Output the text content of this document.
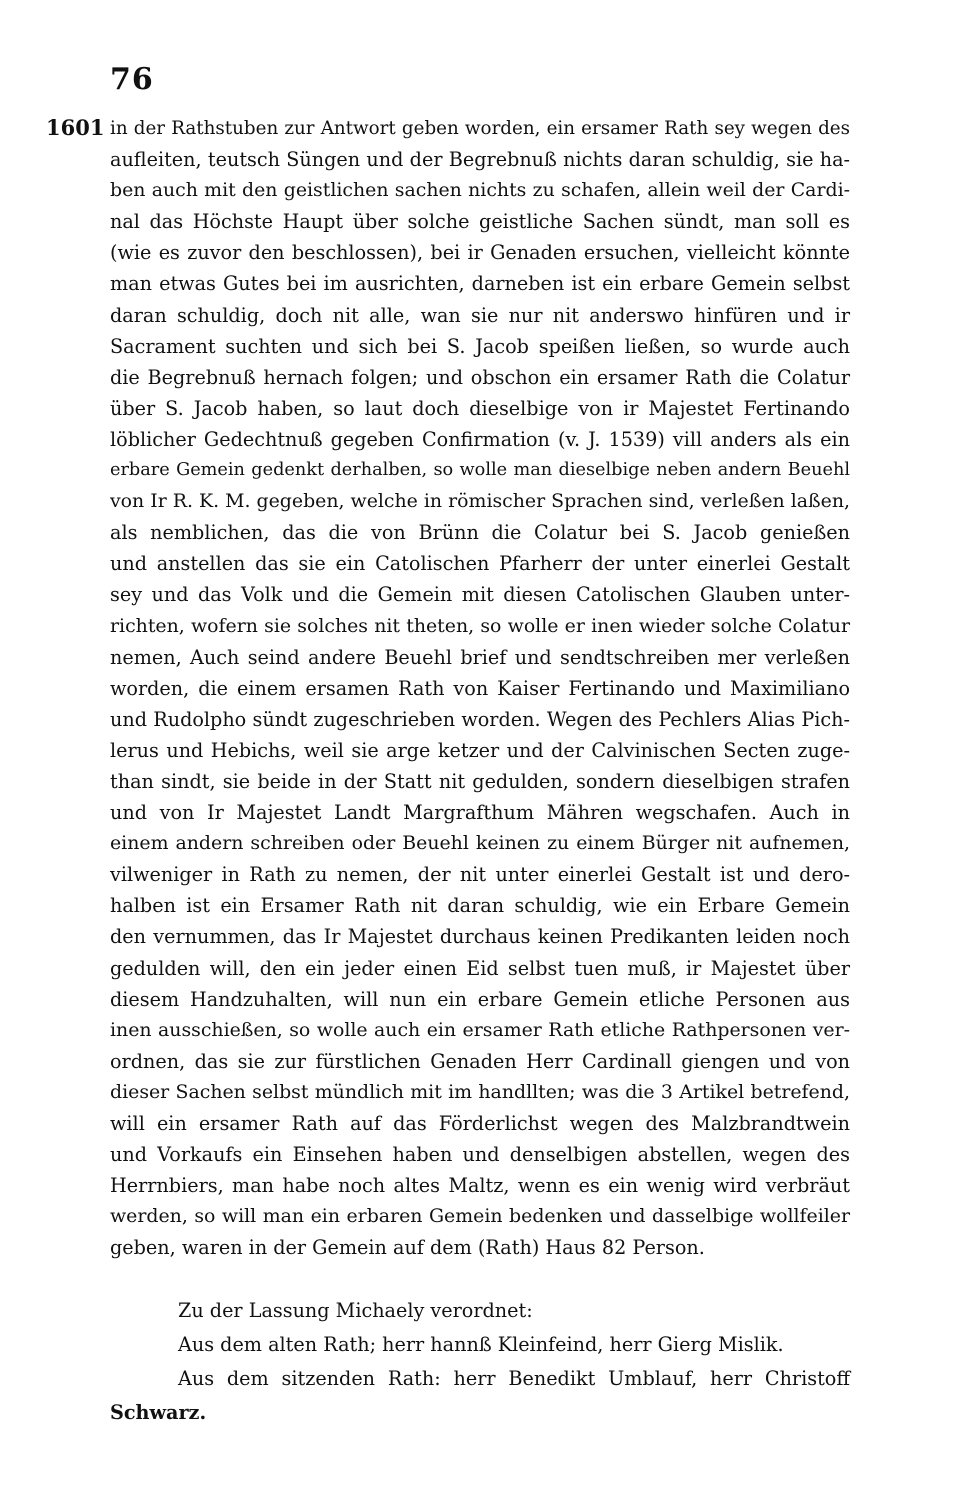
76
1601 in der Rathstuben zur Antwort geben worden, ein ersamer Rath sey wegen des
aufleiten, teutsch Süngen und der Begrebnuß nichts daran schuldig, sie ha-
ben auch mit den geistlichen sachen nichts zu schafen, allein weil der Cardi-
nal das Höchste Haupt über solche geistliche Sachen sündt, man soll es
(wie es zuvor den beschlossen), bei ir Genaden ersuchen, vielleicht könnte
man etwas Gutes bei im ausrichten, darneben ist ein erbare Gemein selbst
daran schuldig, doch nit alle, wan sie nur nit anderswo hinfüren und ir
Sacrament suchten und sich bei S. Jacob speißen ließen, so wurde auch
die Begrebnuß hernach folgen; und obschon ein ersamer Rath die Colatur
über S. Jacob haben, so laut doch dieselbige von ir Majestet Fertinando
löblicher Gedechtnuß gegeben Confirmation (v. J. 1539) vill anders als ein
erbare Gemein gedenkt derhalben, so wolle man dieselbige neben andern Beuehl
von Ir R. K. M. gegeben, welche in römischer Sprachen sind, verleßen laßen,
als nemblichen, das die von Brünn die Colatur bei S. Jacob genießen
und anstellen das sie ein Catolischen Pfarherr der unter einerlei Gestalt
sey und das Volk und die Gemein mit diesen Catolischen Glauben unter-
richten, wofern sie solches nit theten, so wolle er inen wieder solche Colatur
nemen, Auch seind andere Beuehl brief und sendtschreiben mer verleßen
worden, die einem ersamen Rath von Kaiser Fertinando und Maximiliano
und Rudolpho sündt zugeschrieben worden. Wegen des Pechlers Alias Pich-
lerus und Hebichs, weil sie arge ketzer und der Calvinischen Secten zuge-
than sindt, sie beide in der Statt nit gedulden, sondern dieselbigen strafen
und von Ir Majestet Landt Margrafthum Mähren wegschafen. Auch in
einem andern schreiben oder Beuehl keinen zu einem Bürger nit aufnemen,
vilweniger in Rath zu nemen, der nit unter einerlei Gestalt ist und dero-
halben ist ein Ersamer Rath nit daran schuldig, wie ein Erbare Gemein
den vernummen, das Ir Majestet durchaus keinen Predikanten leiden noch
gedulden will, den ein jeder einen Eid selbst tuen muß, ir Majestet über
diesem Handzuhalten, will nun ein erbare Gemein etliche Personen aus
inen ausschießen, so wolle auch ein ersamer Rath etliche Rathpersonen ver-
ordnen, das sie zur fürstlichen Genaden Herr Cardinall giengen und von
dieser Sachen selbst mündlich mit im handllten; was die 3 Artikel betrefend,
will ein ersamer Rath auf das Förderlichst wegen des Malzbrandtwein
und Vorkaufs ein Einsehen haben und denselbigen abstellen, wegen des
Herrnbiers, man habe noch altes Maltz, wenn es ein wenig wird verbräut
werden, so will man ein erbaren Gemein bedenken und dasselbige wollfeiler
geben, waren in der Gemein auf dem (Rath) Haus 82 Person.
Zu der Lassung Michaely verordnet:
Aus dem alten Rath; herr hannß Kleinfeind, herr Gierg Mislik.
Aus dem sitzenden Rath: herr Benedikt Umblauf, herr Christoff
Schwarz.
